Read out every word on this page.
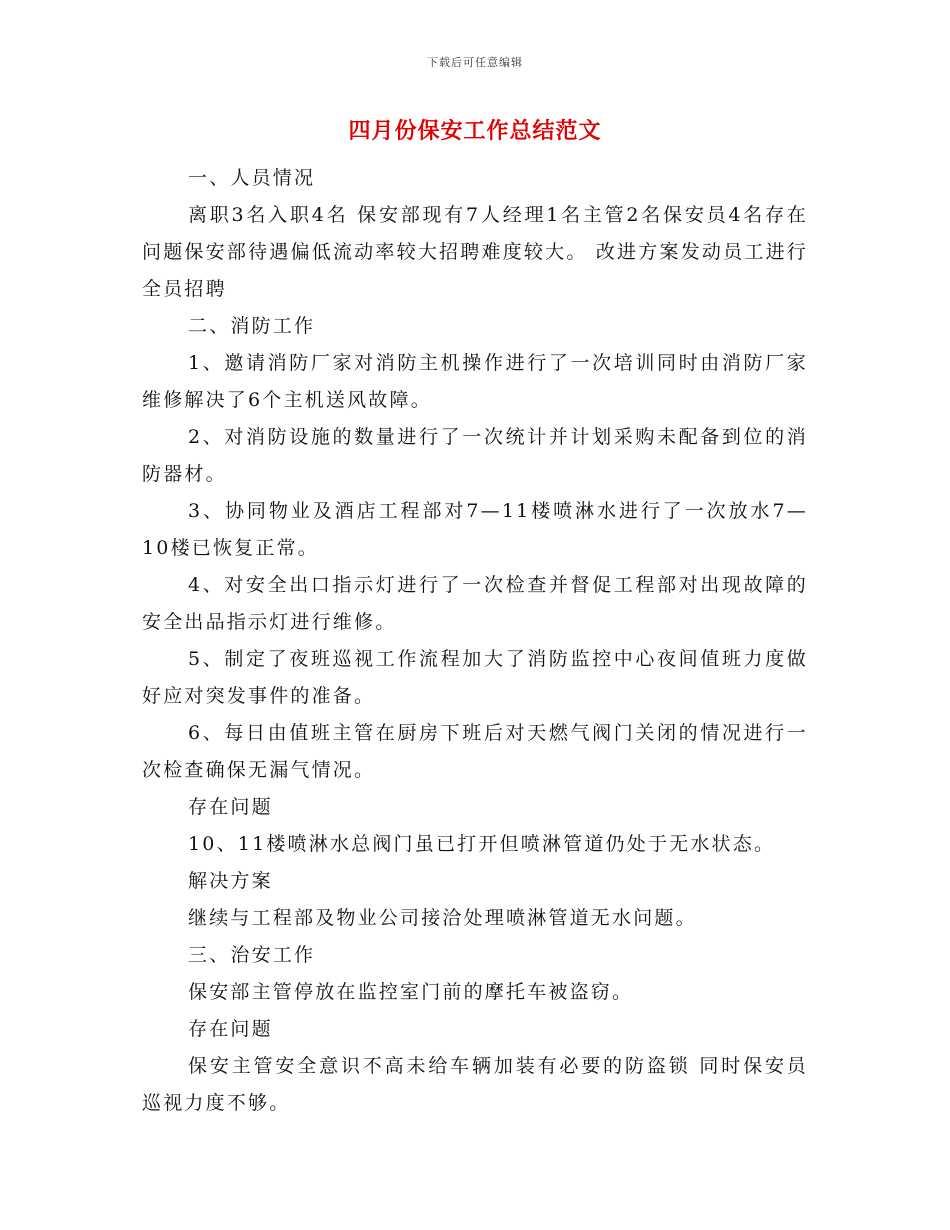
下载后可任意编辑
四月份保安工作总结范文

一、人员情况

离职3名入职4名 保安部现有7人经理1名主管2名保安员4名存在问题保安部待遇偏低流动率较大招聘难度较大。 改进方案发动员工进行全员招聘

二、消防工作

1、邀请消防厂家对消防主机操作进行了一次培训同时由消防厂家维修解决了6个主机送风故障。

2、对消防设施的数量进行了一次统计并计划采购未配备到位的消防器材。

3、协同物业及酒店工程部对7—11楼喷淋水进行了一次放水7—10楼已恢复正常。

4、对安全出口指示灯进行了一次检查并督促工程部对出现故障的安全出品指示灯进行维修。

5、制定了夜班巡视工作流程加大了消防监控中心夜间值班力度做好应对突发事件的准备。

6、每日由值班主管在厨房下班后对天燃气阀门关闭的情况进行一次检查确保无漏气情况。

存在问题

10、11楼喷淋水总阀门虽已打开但喷淋管道仍处于无水状态。

解决方案

继续与工程部及物业公司接洽处理喷淋管道无水问题。

三、治安工作

保安部主管停放在监控室门前的摩托车被盗窃。

存在问题

保安主管安全意识不高未给车辆加装有必要的防盗锁 同时保安员巡视力度不够。
